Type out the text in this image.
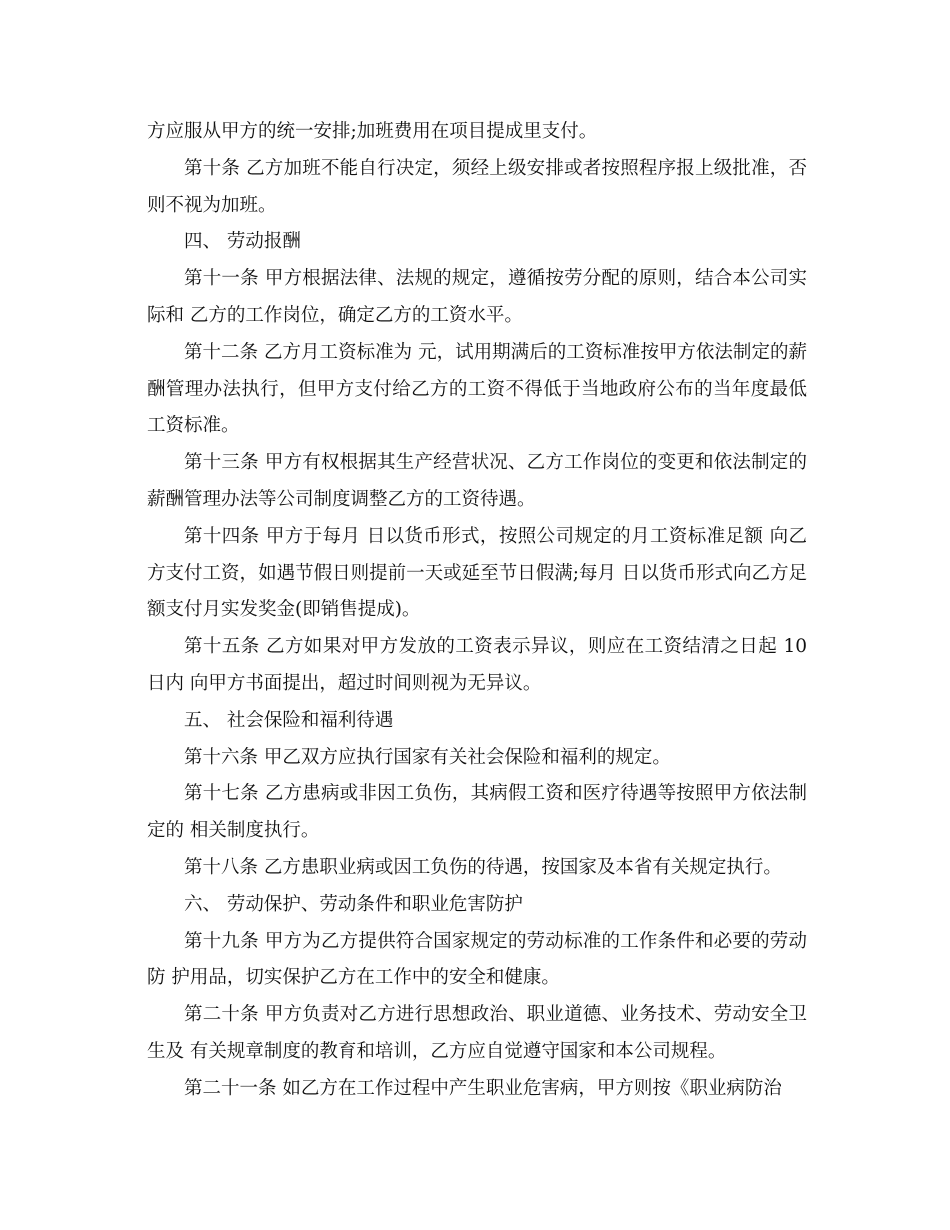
方应服从甲方的统一安排;加班费用在项目提成里支付。

第十条 乙方加班不能自行决定，须经上级安排或者按照程序报上级批准，否则不视为加班。

四、 劳动报酬

第十一条 甲方根据法律、法规的规定，遵循按劳分配的原则，结合本公司实际和 乙方的工作岗位，确定乙方的工资水平。

第十二条 乙方月工资标准为 元，试用期满后的工资标准按甲方依法制定的薪酬管理办法执行，但甲方支付给乙方的工资不得低于当地政府公布的当年度最低工资标准。

第十三条 甲方有权根据其生产经营状况、乙方工作岗位的变更和依法制定的薪酬管理办法等公司制度调整乙方的工资待遇。

第十四条 甲方于每月 日以货币形式，按照公司规定的月工资标准足额 向乙方支付工资，如遇节假日则提前一天或延至节日假满;每月 日以货币形式向乙方足额支付月实发奖金(即销售提成)。

第十五条 乙方如果对甲方发放的工资表示异议，则应在工资结清之日起 10 日内 向甲方书面提出，超过时间则视为无异议。

五、 社会保险和福利待遇

第十六条 甲乙双方应执行国家有关社会保险和福利的规定。

第十七条 乙方患病或非因工负伤，其病假工资和医疗待遇等按照甲方依法制定的 相关制度执行。

第十八条 乙方患职业病或因工负伤的待遇，按国家及本省有关规定执行。

六、 劳动保护、劳动条件和职业危害防护

第十九条 甲方为乙方提供符合国家规定的劳动标准的工作条件和必要的劳动防 护用品，切实保护乙方在工作中的安全和健康。

第二十条 甲方负责对乙方进行思想政治、职业道德、业务技术、劳动安全卫生及 有关规章制度的教育和培训，乙方应自觉遵守国家和本公司规程。

第二十一条 如乙方在工作过程中产生职业危害病，甲方则按《职业病防治
